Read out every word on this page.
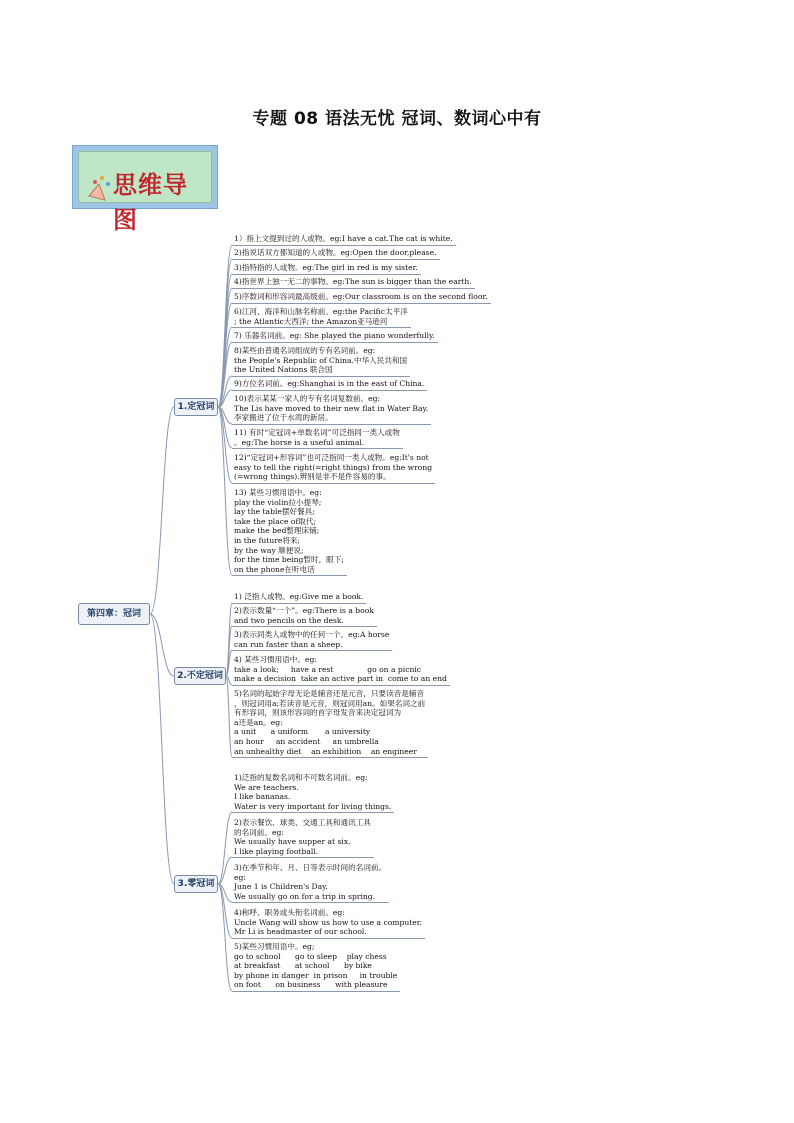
专题 08 语法无忧 冠词、数词心中有
思维导图
第四章：冠词
1.定冠词
2.不定冠词
3.零冠词
1）指上文提到过的人或物。eg:I have a cat.The cat is white.
2)指说话双方都知道的人或物。eg:Open the door,please.
3)指特指的人或物。eg:The girl in red is my sister.
4)指世界上独一无二的事物。eg:The sun is bigger than the earth.
5)序数词和形容词最高级前。eg:Our classroom is on the second floor.
6)江河、海洋和山脉名称前。eg:the Pacific太平洋
; the Atlantic大西洋; the Amazon亚马逊河
7) 乐器名词前。eg: She played the piano wonderfully.
8)某些由普通名词组成的专有名词前。eg:
the People's Republic of China.中华人民共和国
the United Nations 联合国
9)方位名词前。eg:Shanghai is in the east of China.
10)表示某某一家人的专有名词复数前。eg:
The Lis have moved to their new flat in Water Bay.
李家搬进了位于水湾的新居。
11) 有时“定冠词+单数名词”可泛指同一类人或物
。eg:The horse is a useful animal.
12)“定冠词+形容词”也可泛指同一类人或物。eg:It's not
easy to tell the right(=right things) from the wrong
(=wrong things).辨别是非不是件容易的事。
13) 某些习惯用语中。eg:
play the violin拉小提琴;
lay the table摆好餐具;
take the place of取代;
make the bed整理床铺;
in the future将来;
by the way 顺便说;
for the time being暂时，眼下;
on the phone在听电话
1) 泛指人或物。eg:Give me a book.
2)表示数量“一个”。eg:There is a book
and two pencils on the desk.
3)表示同类人或物中的任何一个。eg:A horse
can run faster than a sheep.
4) 某些习惯用语中。eg:
take a look;     have a rest              go on a picnic
make a decision  take an active part in  come to an end
5)名词的起始字母无论是辅音还是元音，只要读音是辅音
，则冠词用a;若读音是元音，则冠词用an。如果名词之前
有形容词，则该形容词的首字母发音来决定冠词为
a还是an。eg:
a unit      a uniform       a university
an hour     an accident     an umbrella
an unhealthy diet    an exhibition    an engineer
1)泛指的复数名词和不可数名词前。eg:
We are teachers.
I like bananas.
Water is very important for living things.
2)表示餐饮、球类、交通工具和通讯工具
的名词前。eg:
We usually have supper at six.
I like playing football.
3)在季节和年、月、日等表示时间的名词前。
eg:
June 1 is Children's Day.
We usually go on for a trip in spring.
4)称呼、职务或头衔名词前。eg:
Uncle Wang will show us how to use a computer.
Mr Li is headmaster of our school.
5)某些习惯用语中。eg;
go to school      go to sleep    play chess
at breakfast      at school      by bike
by phone in danger  in prison     in trouble
on foot      on business      with pleasure
